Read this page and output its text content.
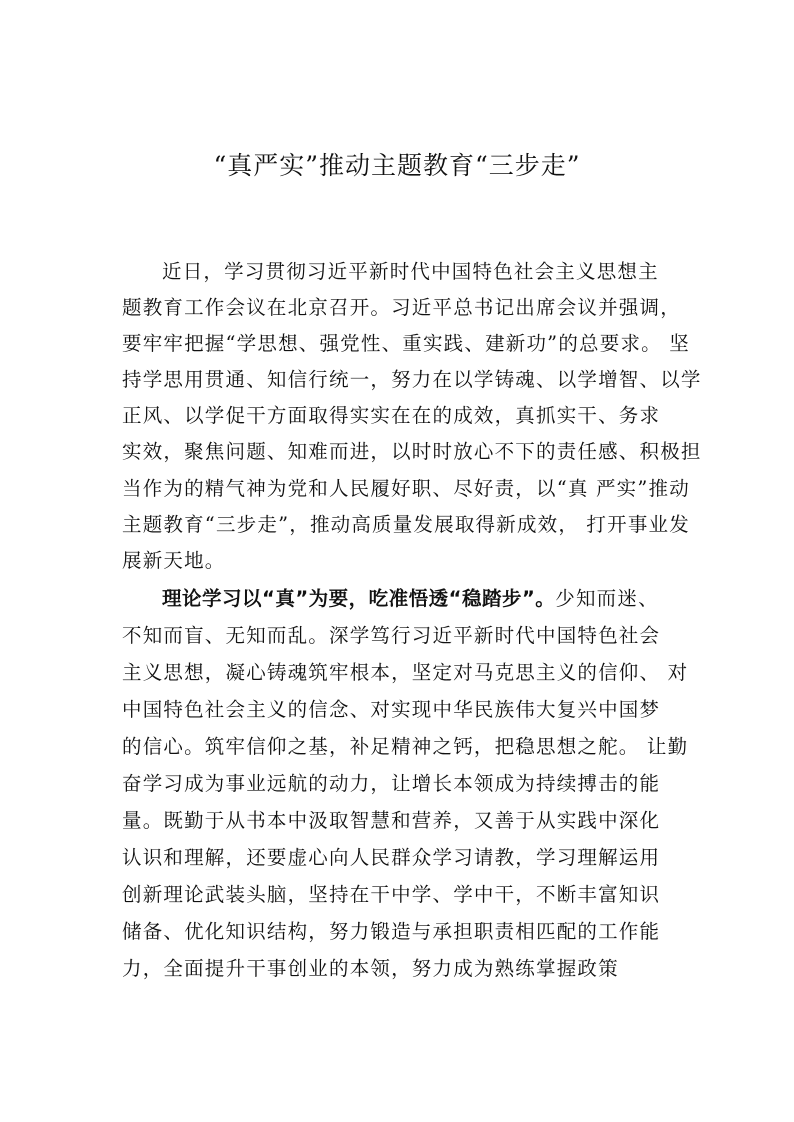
“真严实”推动主题教育“三步走”
近日，学习贯彻习近平新时代中国特色社会主义思想主
题教育工作会议在北京召开。习近平总书记出席会议并强调，
要牢牢把握“学思想、强党性、重实践、建新功”的总要求。 坚
持学思用贯通、知信行统一，努力在以学铸魂、以学增智、以学
正风、以学促干方面取得实实在在的成效，真抓实干、务求
实效，聚焦问题、知难而进，以时时放心不下的责任感、积极担
当作为的精气神为党和人民履好职、尽好责，以“真 严实”推动
主题教育“三步走”，推动高质量发展取得新成效， 打开事业发
展新天地。
理论学习以“真”为要，吃准悟透“稳踏步”。少知而迷、
不知而盲、无知而乱。深学笃行习近平新时代中国特色社会
主义思想，凝心铸魂筑牢根本，坚定对马克思主义的信仰、 对
中国特色社会主义的信念、对实现中华民族伟大复兴中国梦
的信心。筑牢信仰之基，补足精神之钙，把稳思想之舵。 让勤
奋学习成为事业远航的动力，让增长本领成为持续搏击的能
量。既勤于从书本中汲取智慧和营养，又善于从实践中深化
认识和理解，还要虚心向人民群众学习请教，学习理解运用
创新理论武装头脑，坚持在干中学、学中干，不断丰富知识
储备、优化知识结构，努力锻造与承担职责相匹配的工作能
力，全面提升干事创业的本领，努力成为熟练掌握政策
